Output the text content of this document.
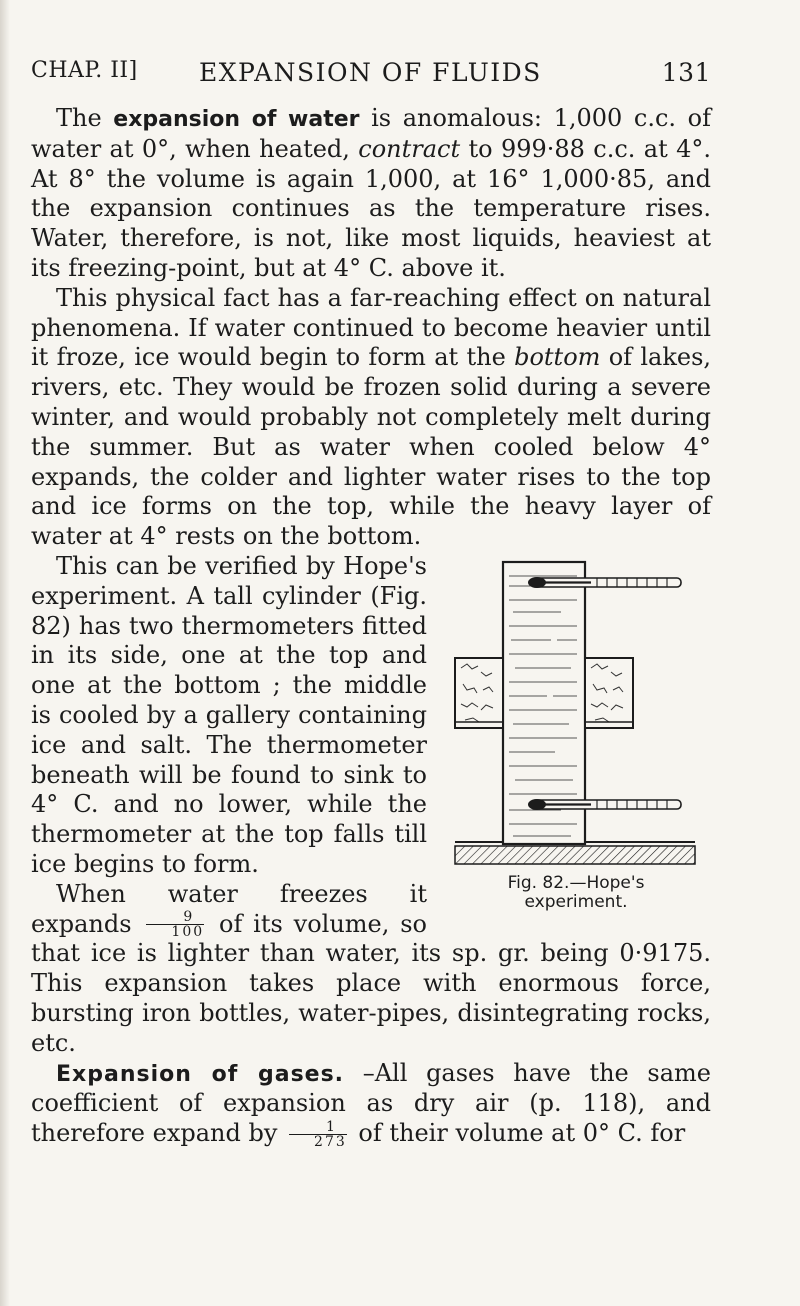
CHAP. II] EXPANSION OF FLUIDS	131

The expansion of water is anomalous: 1,000 c.c. of water at 0°, when heated, contract to 999·88 c.c. at 4°. At 8° the volume is again 1,000, at 16° 1,000·85, and the expansion continues as the temperature rises. Water, therefore, is not, like most liquids, heaviest at its freezing-point, but at 4° C. above it.

This physical fact has a far-reaching effect on natural phenomena. If water continued to become heavier until it froze, ice would begin to form at the bottom of lakes, rivers, etc. They would be frozen solid during a severe winter, and would probably not completely melt during the summer. But as water when cooled below 4° expands, the colder and lighter water rises to the top and ice forms on the top, while the heavy layer of water at 4° rests on the bottom.

Fig. 82.—Hope's
experiment.

This can be verified by Hope's experiment. A tall cylinder (Fig. 82) has two thermometers fitted in its side, one at the top and one at the bottom ; the middle is cooled by a gallery containing ice and salt. The thermometer beneath will be found to sink to 4° C. and no lower, while the thermometer at the top falls till ice begins to form.

When water freezes it expands $\frac{9}{100}$ of its volume, so that ice is lighter than water, its sp. gr. being 0·9175. This expansion takes place with enormous force, bursting iron bottles, water-pipes, disintegrating rocks, etc.

Expansion of gases. –All gases have the same coefficient of expansion as dry air (p. 118), and therefore expand by $\frac{1}{273}$ of their volume at 0° C. for
